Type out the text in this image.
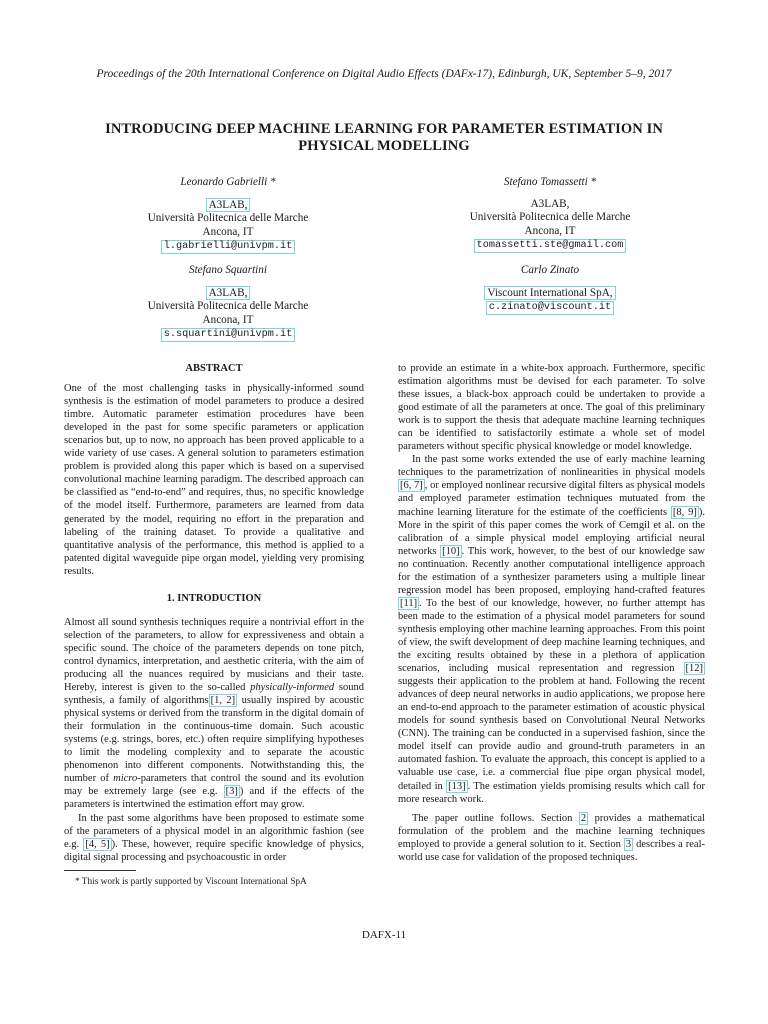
Proceedings of the 20th International Conference on Digital Audio Effects (DAFx-17), Edinburgh, UK, September 5–9, 2017
INTRODUCING DEEP MACHINE LEARNING FOR PARAMETER ESTIMATION IN
PHYSICAL MODELLING
Leonardo Gabrielli *
A3LAB,
Università Politecnica delle Marche
Ancona, IT
l.gabrielli@univpm.it
Stefano Tomassetti *
A3LAB,
Università Politecnica delle Marche
Ancona, IT
tomassetti.ste@gmail.com
Stefano Squartini
A3LAB,
Università Politecnica delle Marche
Ancona, IT
s.squartini@univpm.it
Carlo Zinato
Viscount International SpA,
c.zinato@viscount.it
ABSTRACT

One of the most challenging tasks in physically-informed sound synthesis is the estimation of model parameters to produce a desired timbre. Automatic parameter estimation procedures have been developed in the past for some specific parameters or application scenarios but, up to now, no approach has been proved applicable to a wide variety of use cases. A general solution to parameters estimation problem is provided along this paper which is based on a supervised convolutional machine learning paradigm. The described approach can be classified as “end-to-end” and requires, thus, no specific knowledge of the model itself. Furthermore, parameters are learned from data generated by the model, requiring no effort in the preparation and labeling of the training dataset. To provide a qualitative and quantitative analysis of the performance, this method is applied to a patented digital waveguide pipe organ model, yielding very promising results.

1. INTRODUCTION

Almost all sound synthesis techniques require a nontrivial effort in the selection of the parameters, to allow for expressiveness and obtain a specific sound. The choice of the parameters depends on tone pitch, control dynamics, interpretation, and aesthetic criteria, with the aim of producing all the nuances required by musicians and their taste. Hereby, interest is given to the so-called physically-informed sound synthesis, a family of algorithms [1, 2] usually inspired by acoustic physical systems or derived from the transform in the digital domain of their formulation in the continuous-time domain. Such acoustic systems (e.g. strings, bores, etc.) often require simplifying hypotheses to limit the modeling complexity and to separate the acoustic phenomenon into different components. Notwithstanding this, the number of micro-parameters that control the sound and its evolution may be extremely large (see e.g. [3] ) and if the effects of the parameters is intertwined the estimation effort may grow.

In the past some algorithms have been proposed to estimate some of the parameters of a physical model in an algorithmic fashion (see e.g. [4, 5] ). These, however, require specific knowledge of physics, digital signal processing and psychoacoustic in order

* This work is partly supported by Viscount International SpA

to provide an estimate in a white-box approach. Furthermore, specific estimation algorithms must be devised for each parameter. To solve these issues, a black-box approach could be undertaken to provide a good estimate of all the parameters at once. The goal of this preliminary work is to support the thesis that adequate machine learning techniques can be identified to satisfactorily estimate a whole set of model parameters without specific physical knowledge or model knowledge.

In the past some works extended the use of early machine learning techniques to the parametrization of nonlinearities in physical models [6, 7] , or employed nonlinear recursive digital filters as physical models and employed parameter estimation techniques mutuated from the machine learning literature for the estimate of the coefficients [8, 9] ). More in the spirit of this paper comes the work of Cemgil et al. on the calibration of a simple physical model employing artificial neural networks [10] . This work, however, to the best of our knowledge saw no continuation. Recently another computational intelligence approach for the estimation of a synthesizer parameters using a multiple linear regression model has been proposed, employing hand-crafted features [11] . To the best of our knowledge, however, no further attempt has been made to the estimation of a physical model parameters for sound synthesis employing other machine learning approaches. From this point of view, the swift development of deep machine learning techniques, and the exciting results obtained by these in a plethora of application scenarios, including musical representation and regression [12] suggests their application to the problem at hand. Following the recent advances of deep neural networks in audio applications, we propose here an end-to-end approach to the parameter estimation of acoustic physical models for sound synthesis based on Convolutional Neural Networks (CNN). The training can be conducted in a supervised fashion, since the model itself can provide audio and ground-truth parameters in an automated fashion. To evaluate the approach, this concept is applied to a valuable use case, i.e. a commercial flue pipe organ physical model, detailed in [13] . The estimation yields promising results which call for more research work.

The paper outline follows. Section 2 provides a mathematical formulation of the problem and the machine learning techniques employed to provide a general solution to it. Section 3 describes a real-world use case for validation of the proposed techniques.

DAFX-11
